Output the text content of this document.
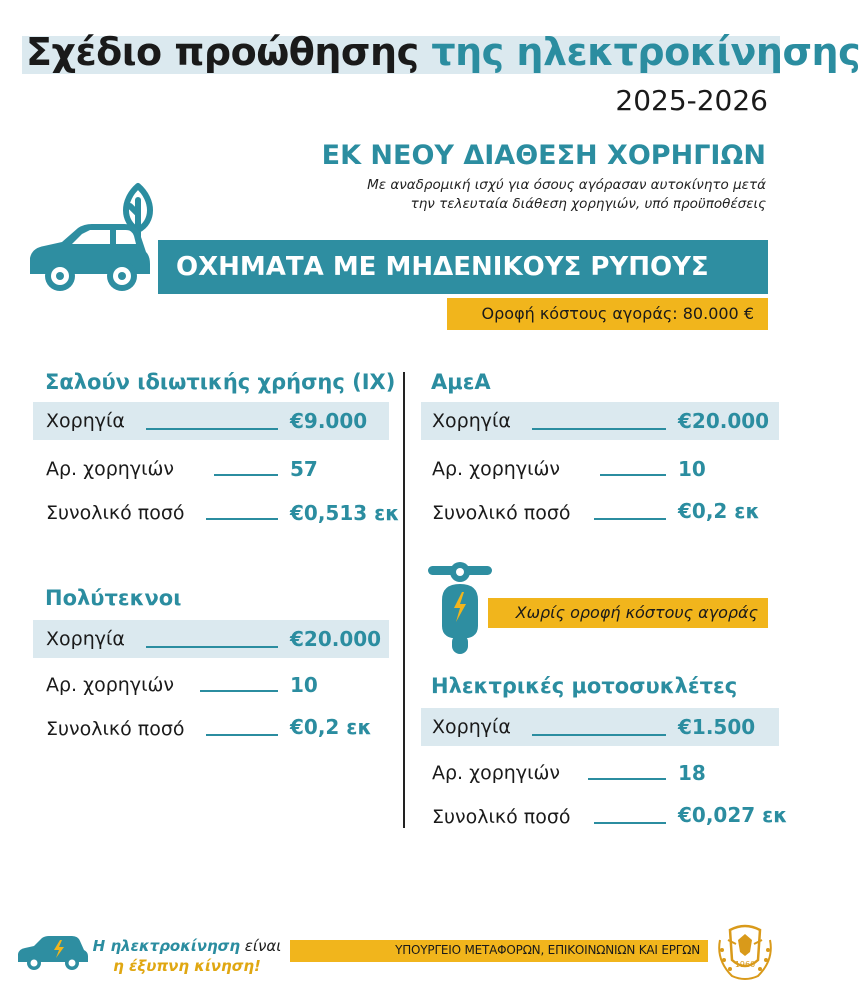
Σχέδιο προώθησης της ηλεκτροκίνησης
2025-2026
ΕΚ ΝΕΟΥ ΔΙΑΘΕΣΗ ΧΟΡΗΓΙΩΝ
Με αναδρομική ισχύ για όσους αγόρασαν αυτοκίνητο μετά
την τελευταία διάθεση χορηγιών, υπό προϋποθέσεις
ΟΧΗΜΑΤΑ ΜΕ ΜΗΔΕΝΙΚΟΥΣ ΡΥΠΟΥΣ
Οροφή κόστους αγοράς: 80.000 €
Σαλούν ιδιωτικής χρήσης (ΙΧ)
Χορηγία	€9.000
Αρ. χορηγιών	57
Συνολικό ποσό	€0,513 εκ
ΑμεΑ
Χορηγία	€20.000
Αρ. χορηγιών	10
Συνολικό ποσό	€0,2 εκ
Πολύτεκνοι
Χορηγία	€20.000
Αρ. χορηγιών	10
Συνολικό ποσό	€0,2 εκ
Χωρίς οροφή κόστους αγοράς
Ηλεκτρικές μοτοσυκλέτες
Χορηγία	€1.500
Αρ. χορηγιών	18
Συνολικό ποσό	€0,027 εκ
Η ηλεκτροκίνηση είναι
η έξυπνη κίνηση!
ΥΠΟΥΡΓΕΙΟ ΜΕΤΑΦΟΡΩΝ, ΕΠΙΚΟΙΝΩΝΙΩΝ ΚΑΙ ΕΡΓΩΝ
1960
